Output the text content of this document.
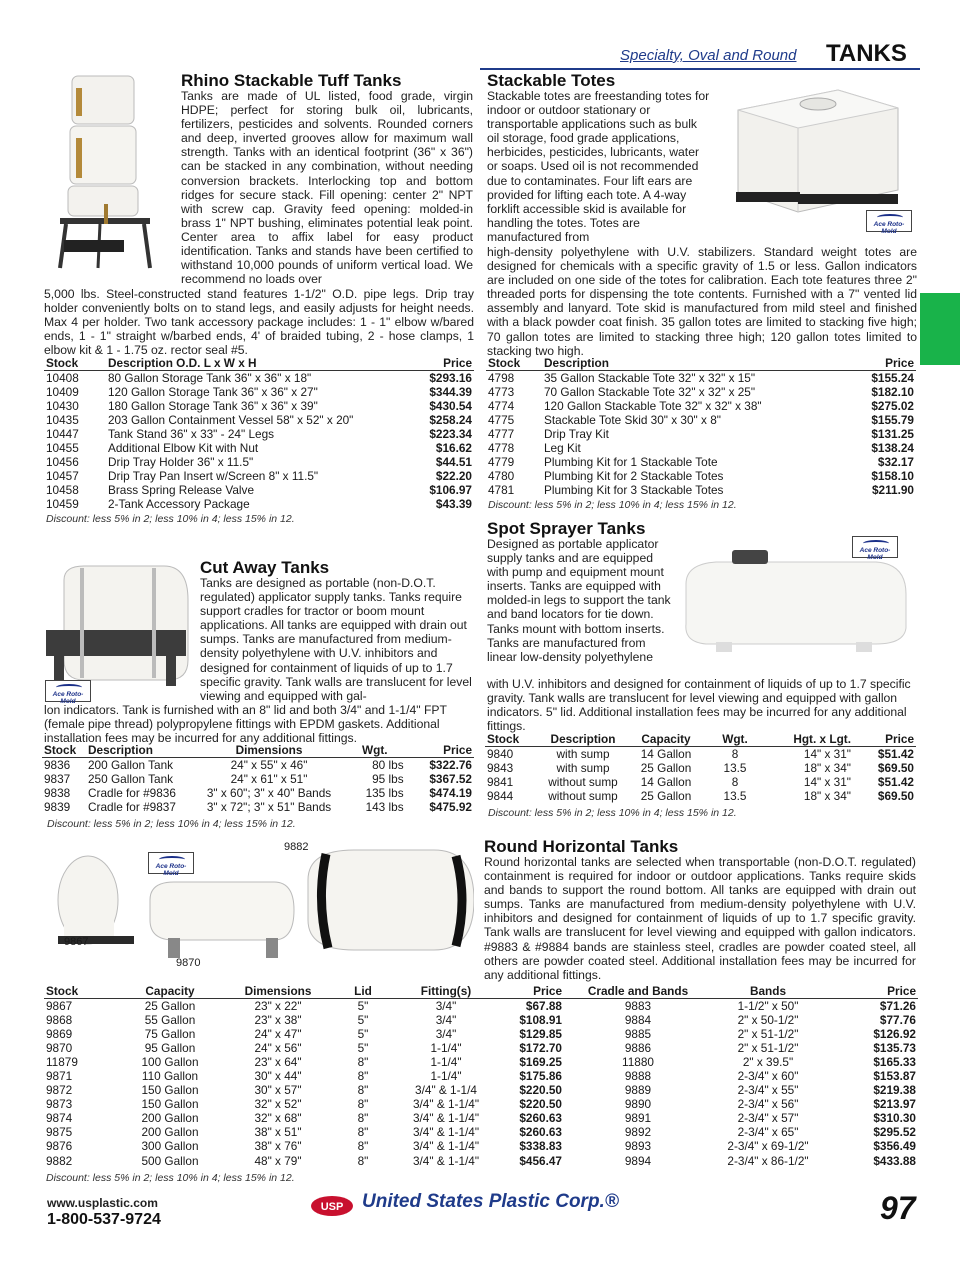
Specialty, Oval and Round TANKS
Rhino Stackable Tuff Tanks
Tanks are made of UL listed, food grade, virgin HDPE; perfect for storing bulk oil, lubricants, fertilizers, pesticides and solvents. Rounded corners and deep, inverted grooves allow for maximum wall strength. Tanks with an identical footprint (36" x 36") can be stacked in any combination, without needing conversion brackets. Interlocking top and bottom ridges for secure stack. Fill opening: center 2" NPT with screw cap. Gravity feed opening: molded-in brass 1" NPT bushing, eliminates potential leak point. Center area to affix label for easy product identification. Tanks and stands have been certified to withstand 10,000 pounds of uniform vertical load. We recommend no loads over
5,000 lbs. Steel-constructed stand features 1-1/2" O.D. pipe legs. Drip tray holder conveniently bolts on to stand legs, and easily adjusts for height needs. Max 4 per holder. Two tank accessory package includes: 1 - 1" elbow w/bared ends, 1 - 1" straight w/barbed ends, 4' of braided tubing, 2 - hose clamps, 1 elbow kit & 1 - 1.75 oz. rector seal #5.
Stock	Description O.D. L x W x H	Price
10408	80 Gallon Storage Tank 36" x 36" x 18"	$293.16
10409	120 Gallon Storage Tank 36" x 36" x 27"	$344.39
10430	180 Gallon Storage Tank 36" x 36" x 39"	$430.54
10435	203 Gallon Containment Vessel 58" x 52" x 20"	$258.24
10447	Tank Stand 36" x 33" - 24" Legs	$223.34
10455	Additional Elbow Kit with Nut	$16.62
10456	Drip Tray Holder 36" x 11.5"	$44.51
10457	Drip Tray Pan Insert w/Screen 8" x 11.5"	$22.20
10458	Brass Spring Release Valve	$106.97
10459	2-Tank Accessory Package	$43.39
Discount: less 5% in 2; less 10% in 4; less 15% in 12.
Stackable Totes
Stackable totes are freestanding totes for indoor or outdoor stationary or transportable applications such as bulk oil storage, food grade applications, herbicides, pesticides, lubricants, water or soaps. Used oil is not recommended due to contaminates. Four lift ears are provided for lifting each tote. A 4-way forklift accessible skid is available for handling the totes. Totes are manufactured from
Ace Roto-Mold
high-density polyethylene with U.V. stabilizers. Standard weight totes are designed for chemicals with a specific gravity of 1.5 or less. Gallon indicators are included on one side of the totes for calibration. Each tote features three 2" threaded ports for dispensing the tote contents. Furnished with a 7" vented lid assembly and lanyard. Tote skid is manufactured from mild steel and finished with a black powder coat finish. 35 gallon totes are limited to stacking five high; 70 gallon totes are limited to stacking three high; 120 gallon totes limited to stacking two high.
Stock	Description	Price
4798	35 Gallon Stackable Tote 32" x 32" x 15"	$155.24
4773	70 Gallon Stackable Tote 32" x 32" x 25"	$182.10
4774	120 Gallon Stackable Tote 32" x 32" x 38"	$275.02
4775	Stackable Tote Skid 30" x 30" x 8"	$155.79
4777	Drip Tray Kit	$131.25
4778	Leg Kit	$138.24
4779	Plumbing Kit for 1 Stackable Tote	$32.17
4780	Plumbing Kit for 2 Stackable Totes	$158.10
4781	Plumbing Kit for 3 Stackable Totes	$211.90
Discount: less 5% in 2; less 10% in 4; less 15% in 12.
Ace Roto-Mold
Cut Away Tanks
Tanks are designed as portable (non-D.O.T. regulated) applicator supply tanks. Tanks require support cradles for tractor or boom mount applications. All tanks are equipped with drain out sumps. Tanks are manufactured from medium-density polyethylene with U.V. inhibitors and designed for containment of liquids of up to 1.7 specific gravity. Tank walls are translucent for level viewing and equipped with gal-
lon indicators. Tank is furnished with an 8" lid and both 3/4" and 1-1/4" FPT (female pipe thread) polypropylene fittings with EPDM gaskets. Additional installation fees may be incurred for any additional fittings.
Stock	Description	Dimensions	Wgt.	Price
9836	200 Gallon Tank	24" x 55" x 46"	80 lbs	$322.76
9837	250 Gallon Tank	24" x 61" x 51"	95 lbs	$367.52
9838	Cradle for #9836	3" x 60"; 3" x 40" Bands	135 lbs	$474.19
9839	Cradle for #9837	3" x 72"; 3" x 51" Bands	143 lbs	$475.92
Discount: less 5% in 2; less 10% in 4; less 15% in 12.
Spot Sprayer Tanks
Designed as portable applicator supply tanks and are equipped with pump and equipment mount inserts. Tanks are equipped with molded-in legs to support the tank and band locators for tie down. Tanks mount with bottom inserts. Tanks are manufactured from linear low-density polyethylene
Ace Roto-Mold
with U.V. inhibitors and designed for containment of liquids of up to 1.7 specific gravity. Tank walls are translucent for level viewing and equipped with gallon indicators. 5" lid. Additional installation fees may be incurred for any additional fittings.
Stock	Description	Capacity	Wgt.	Hgt. x Lgt.	Price
9840	with sump	14 Gallon	8	14" x 31"	$51.42
9843	with sump	25 Gallon	13.5	18" x 34"	$69.50
9841	without sump	14 Gallon	8	14" x 31"	$51.42
9844	without sump	25 Gallon	13.5	18" x 34"	$69.50
Discount: less 5% in 2; less 10% in 4; less 15% in 12.
Ace Roto-Mold
9882
9867
9870
Round Horizontal Tanks
Round horizontal tanks are selected when transportable (non-D.O.T. regulated) containment is required for indoor or outdoor applications. Tanks require skids and bands to support the round bottom. All tanks are equipped with drain out sumps. Tanks are manufactured from medium-density polyethylene with U.V. inhibitors and designed for containment of liquids of up to 1.7 specific gravity. Tank walls are translucent for level viewing and equipped with gallon indicators. #9883 & #9884 bands are stainless steel, cradles are powder coated steel, all others are powder coated steel. Additional installation fees may be incurred for any additional fittings.
Stock	Capacity	Dimensions	Lid	Fitting(s)	Price	Cradle and Bands	Bands	Price
9867	25 Gallon	23" x 22"	5"	3/4"	$67.88	9883	1-1/2" x 50"	$71.26
9868	55 Gallon	23" x 38"	5"	3/4"	$108.91	9884	2" x 50-1/2"	$77.76
9869	75 Gallon	24" x 47"	5"	3/4"	$129.85	9885	2" x 51-1/2"	$126.92
9870	95 Gallon	24" x 56"	5"	1-1/4"	$172.70	9886	2" x 51-1/2"	$135.73
11879	100 Gallon	23" x 64"	8"	1-1/4"	$169.25	11880	2" x 39.5"	$165.33
9871	110 Gallon	30" x 44"	8"	1-1/4"	$175.86	9888	2-3/4" x 60"	$153.87
9872	150 Gallon	30" x 57"	8"	3/4" & 1-1/4	$220.50	9889	2-3/4" x 55"	$219.38
9873	150 Gallon	32" x 52"	8"	3/4" & 1-1/4"	$220.50	9890	2-3/4" x 56"	$213.97
9874	200 Gallon	32" x 68"	8"	3/4" & 1-1/4"	$260.63	9891	2-3/4" x 57"	$310.30
9875	200 Gallon	38" x 51"	8"	3/4" & 1-1/4"	$260.63	9892	2-3/4" x 65"	$295.52
9876	300 Gallon	38" x 76"	8"	3/4" & 1-1/4"	$338.83	9893	2-3/4" x 69-1/2"	$356.49
9882	500 Gallon	48" x 79"	8"	3/4" & 1-1/4"	$456.47	9894	2-3/4" x 86-1/2"	$433.88
Discount: less 5% in 2; less 10% in 4; less 15% in 12.
www.usplastic.com
1-800-537-9724
USP United States Plastic Corp.®	97
